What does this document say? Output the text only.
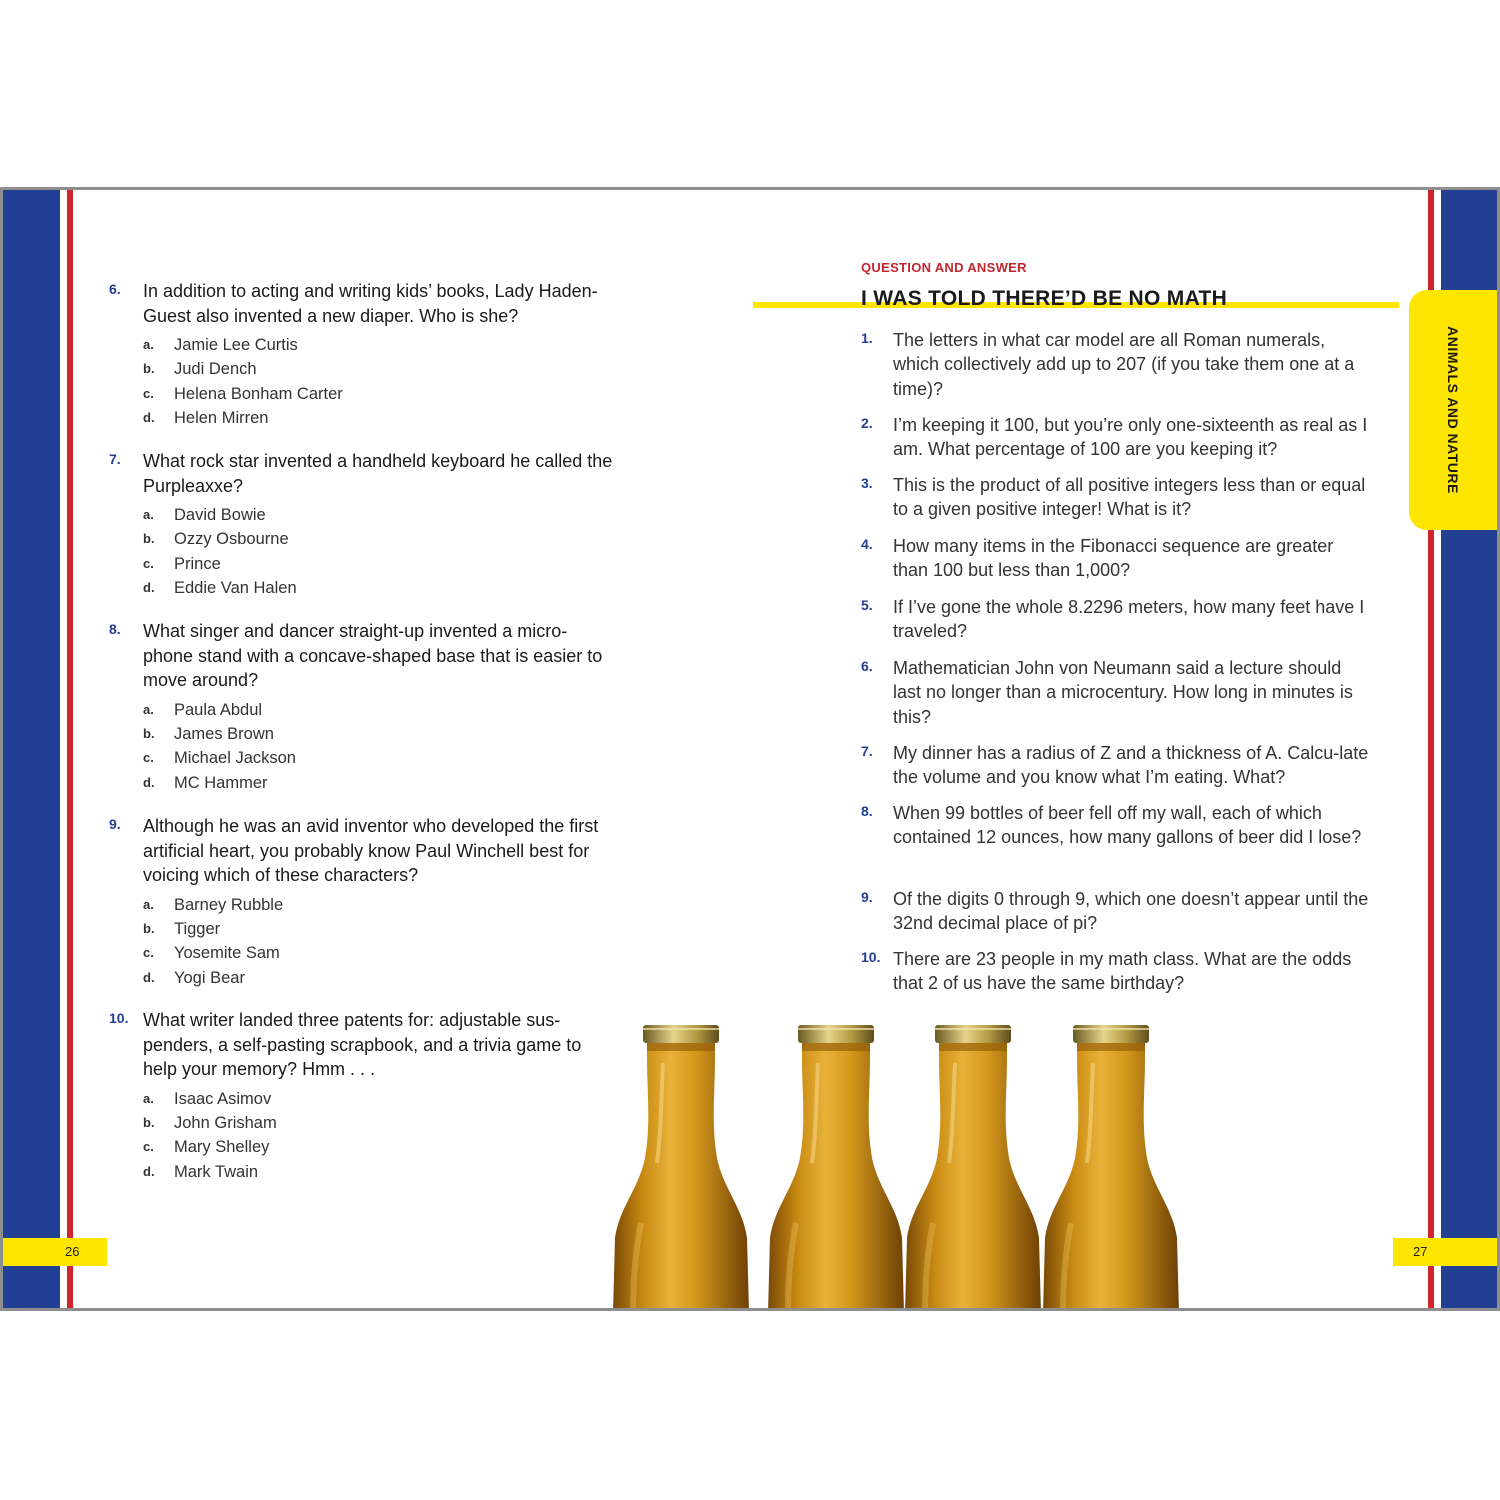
26	27
ANIMALS AND NATURE
6. In addition to acting and writing kids’ books, Lady Haden-Guest also invented a new diaper. Who is she?
a. Jamie Lee Curtis
b. Judi Dench
c. Helena Bonham Carter
d. Helen Mirren
7. What rock star invented a handheld keyboard he called the Purpleaxxe?
a. David Bowie
b. Ozzy Osbourne
c. Prince
d. Eddie Van Halen
8. What singer and dancer straight-up invented a micro-phone stand with a concave-shaped base that is easier to move around?
a. Paula Abdul
b. James Brown
c. Michael Jackson
d. MC Hammer
9. Although he was an avid inventor who developed the first artificial heart, you probably know Paul Winchell best for voicing which of these characters?
a. Barney Rubble
b. Tigger
c. Yosemite Sam
d. Yogi Bear
10. What writer landed three patents for: adjustable sus-penders, a self-pasting scrapbook, and a trivia game to help your memory? Hmm . . .
a. Isaac Asimov
b. John Grisham
c. Mary Shelley
d. Mark Twain
QUESTION AND ANSWER
I WAS TOLD THERE’D BE NO MATH
1. The letters in what car model are all Roman numerals, which collectively add up to 207 (if you take them one at a time)?
2. I’m keeping it 100, but you’re only one-sixteenth as real as I am. What percentage of 100 are you keeping it?
3. This is the product of all positive integers less than or equal to a given positive integer! What is it?
4. How many items in the Fibonacci sequence are greater than 100 but less than 1,000?
5. If I’ve gone the whole 8.2296 meters, how many feet have I traveled?
6. Mathematician John von Neumann said a lecture should last no longer than a microcentury. How long in minutes is this?
7. My dinner has a radius of Z and a thickness of A. Calcu-late the volume and you know what I’m eating. What?
8. When 99 bottles of beer fell off my wall, each of which contained 12 ounces, how many gallons of beer did I lose?
9. Of the digits 0 through 9, which one doesn’t appear until the 32nd decimal place of pi?
10. There are 23 people in my math class. What are the odds that 2 of us have the same birthday?
